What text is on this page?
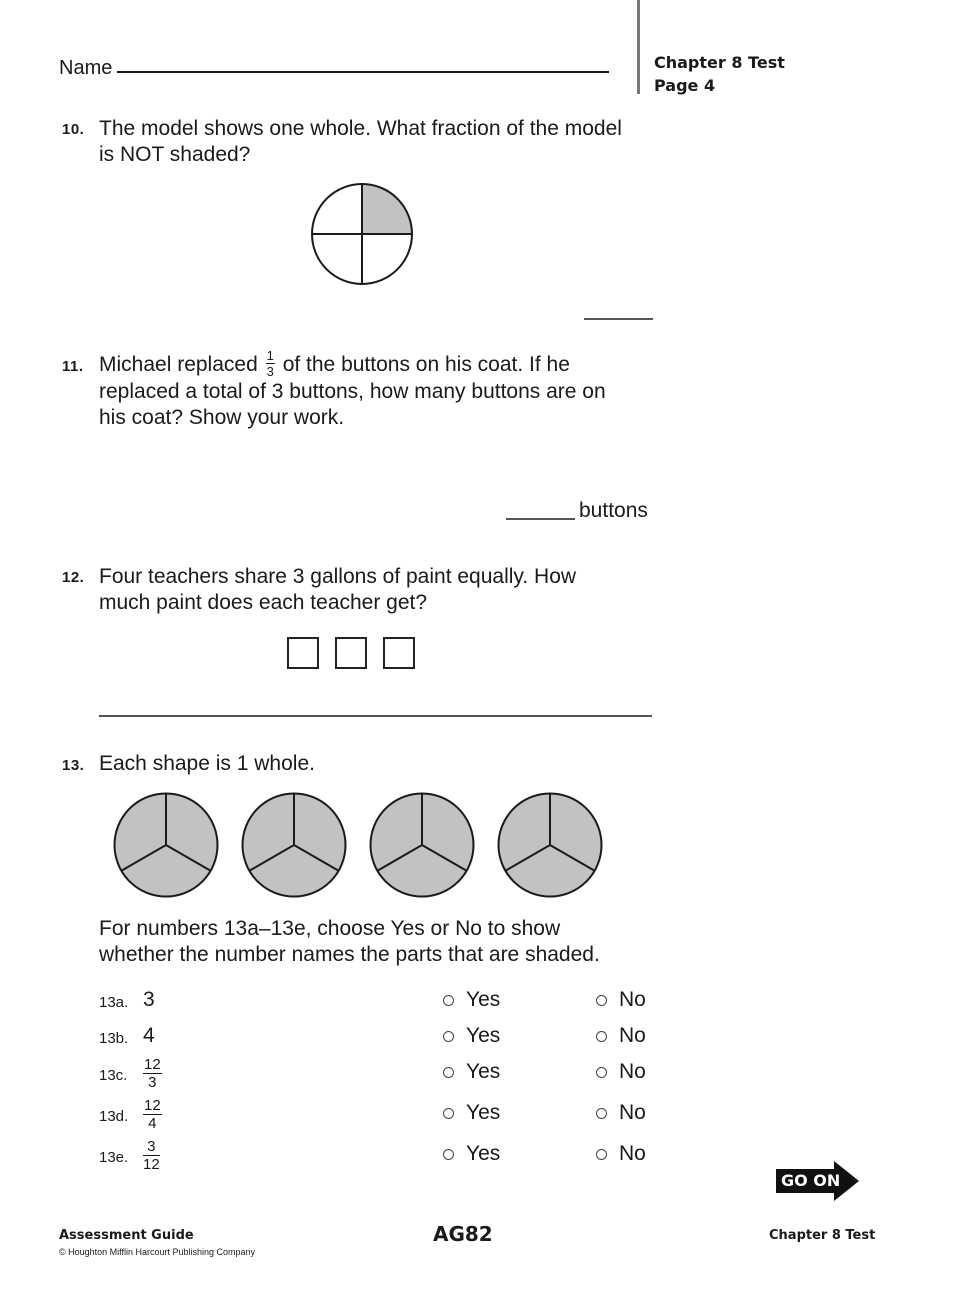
Name	Chapter 8 Test
Page 4
10. The model shows one whole. What fraction of the model
is NOT shaded?
11. Michael replaced $\frac{1}{3}$ of the buttons on his coat. If he
replaced a total of 3 buttons, how many buttons are on
his coat? Show your work.
buttons
12. Four teachers share 3 gallons of paint equally. How
much paint does each teacher get?
13. Each shape is 1 whole.
For numbers 13a–13e, choose Yes or No to show
whether the number names the parts that are shaded.
13a. 3	Yes	No
13b. 4	Yes	No
13c. $\frac{12}{3}$	Yes	No
13d. $\frac{12}{4}$	Yes	No
13e. $\frac{3}{12}$	Yes	No
GO ON
Assessment Guide
© Houghton Mifflin Harcourt Publishing Company
AG82	Chapter 8 Test
